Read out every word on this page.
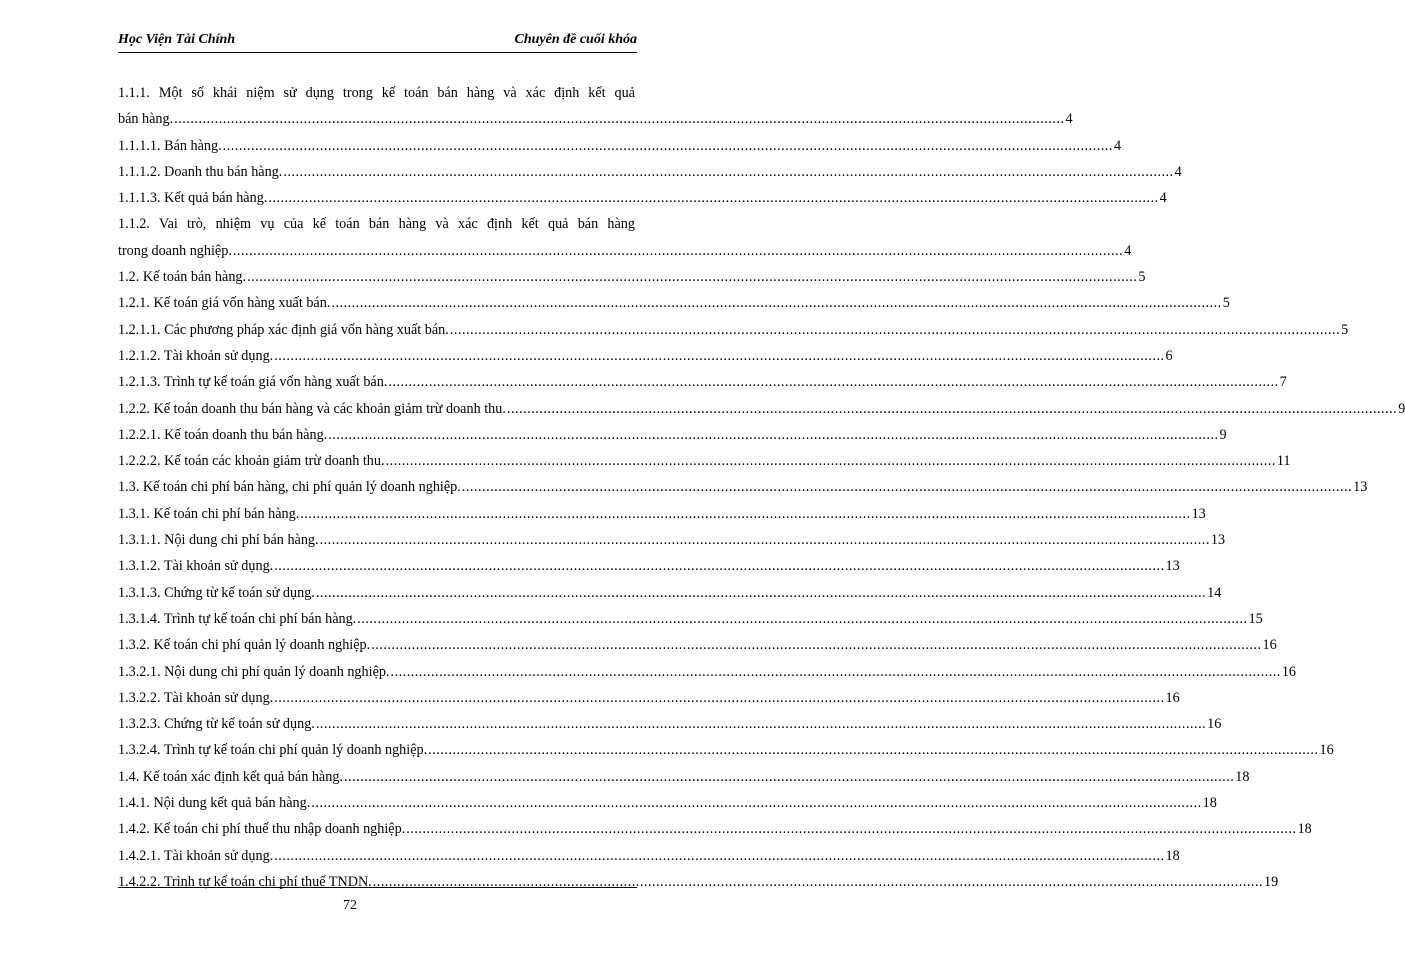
Học Viện Tài Chính	Chuyên đề cuối khóa
1.1.1. Một số khái niệm sử dụng trong kế toán bán hàng và xác định kết quả
bán hàng. ............................................................................................................................................................................................................................ 4
1.1.1.1. Bán hàng. ............................................................................................................................................................................................................................ 4
1.1.1.2. Doanh thu bán hàng. ............................................................................................................................................................................................................................ 4
1.1.1.3. Kết quả bán hàng. ............................................................................................................................................................................................................................ 4
1.1.2. Vai trò, nhiệm vụ của kế toán bán hàng và xác định kết quả bán hàng
trong doanh nghiệp. ............................................................................................................................................................................................................................ 4
1.2. Kế toán bán hàng. ............................................................................................................................................................................................................................ 5
1.2.1. Kế toán giá vốn hàng xuất bán. ............................................................................................................................................................................................................................ 5
1.2.1.1. Các phương pháp xác định giá vốn hàng xuất bán. ............................................................................................................................................................................................................................ 5
1.2.1.2. Tài khoản sử dụng. ............................................................................................................................................................................................................................ 6
1.2.1.3. Trình tự kế toán giá vốn hàng xuất bán. ............................................................................................................................................................................................................................ 7
1.2.2. Kế toán doanh thu bán hàng và các khoản giảm trừ doanh thu. ............................................................................................................................................................................................................................ 9
1.2.2.1. Kế toán doanh thu bán hàng. ............................................................................................................................................................................................................................ 9
1.2.2.2. Kế toán các khoản giảm trừ doanh thu. ............................................................................................................................................................................................................................ 11
1.3. Kế toán chi phí bán hàng, chi phí quản lý doanh nghiệp. ............................................................................................................................................................................................................................ 13
1.3.1. Kế toán chi phí bán hàng. ............................................................................................................................................................................................................................ 13
1.3.1.1. Nội dung chi phí bán hàng. ............................................................................................................................................................................................................................ 13
1.3.1.2. Tài khoản sử dụng. ............................................................................................................................................................................................................................ 13
1.3.1.3. Chứng từ kế toán sử dụng. ............................................................................................................................................................................................................................ 14
1.3.1.4. Trình tự kế toán chi phí bán hàng. ............................................................................................................................................................................................................................ 15
1.3.2. Kế toán chi phí quản lý doanh nghiệp. ............................................................................................................................................................................................................................ 16
1.3.2.1. Nội dung chi phí quản lý doanh nghiệp. ............................................................................................................................................................................................................................ 16
1.3.2.2. Tài khoản sử dụng. ............................................................................................................................................................................................................................ 16
1.3.2.3. Chứng từ kế toán sử dụng. ............................................................................................................................................................................................................................ 16
1.3.2.4. Trình tự kế toán chi phí quản lý doanh nghiệp. ............................................................................................................................................................................................................................ 16
1.4. Kế toán xác định kết quả bán hàng. ............................................................................................................................................................................................................................ 18
1.4.1. Nội dung kết quả bán hàng. ............................................................................................................................................................................................................................ 18
1.4.2. Kế toán chi phí thuế thu nhập doanh nghiệp. ............................................................................................................................................................................................................................ 18
1.4.2.1. Tài khoản sử dụng. ............................................................................................................................................................................................................................ 18
1.4.2.2. Trình tự kế toán chi phí thuế TNDN. ............................................................................................................................................................................................................................ 19
72
